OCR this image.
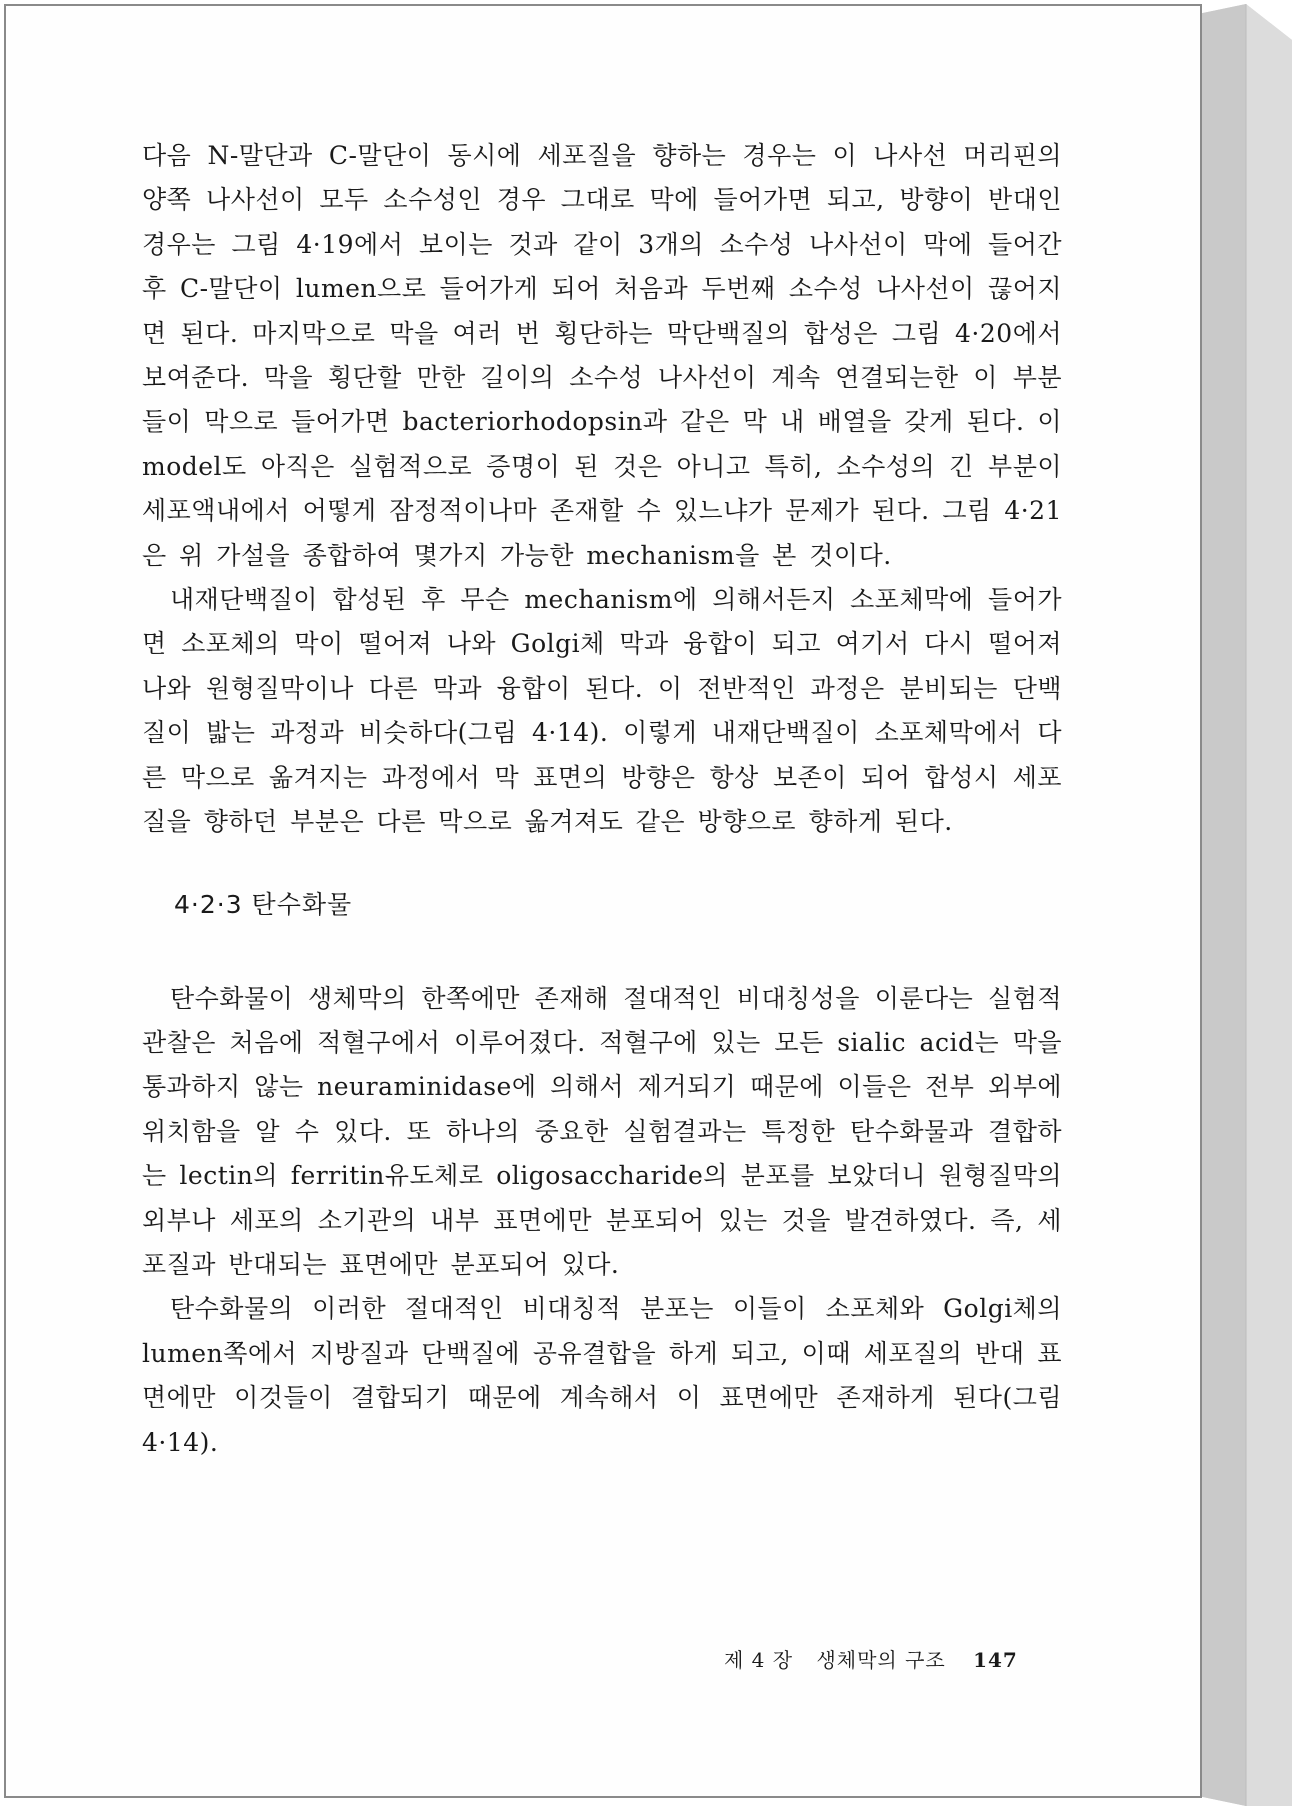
다음 N-말단과 C-말단이 동시에 세포질을 향하는 경우는 이 나사선 머리핀의 양쪽 나사선이 모두 소수성인 경우 그대로 막에 들어가면 되고, 방향이 반대인 경우는 그림 4·19에서 보이는 것과 같이 3개의 소수성 나사선이 막에 들어간 후 C-말단이 lumen으로 들어가게 되어 처음과 두번째 소수성 나사선이 끊어지면 된다. 마지막으로 막을 여러 번 횡단하는 막단백질의 합성은 그림 4·20에서 보여준다. 막을 횡단할 만한 길이의 소수성 나사선이 계속 연결되는한 이 부분들이 막으로 들어가면 bacteriorhodopsin과 같은 막 내 배열을 갖게 된다. 이 model도 아직은 실험적으로 증명이 된 것은 아니고 특히, 소수성의 긴 부분이 세포액내에서 어떻게 잠정적이나마 존재할 수 있느냐가 문제가 된다. 그림 4·21은 위 가설을 종합하여 몇가지 가능한 mechanism을 본 것이다.

내재단백질이 합성된 후 무슨 mechanism에 의해서든지 소포체막에 들어가면 소포체의 막이 떨어져 나와 Golgi체 막과 융합이 되고 여기서 다시 떨어져 나와 원형질막이나 다른 막과 융합이 된다. 이 전반적인 과정은 분비되는 단백질이 밟는 과정과 비슷하다(그림 4·14). 이렇게 내재단백질이 소포체막에서 다른 막으로 옮겨지는 과정에서 막 표면의 방향은 항상 보존이 되어 합성시 세포질을 향하던 부분은 다른 막으로 옮겨져도 같은 방향으로 향하게 된다.

4·2·3 탄수화물

탄수화물이 생체막의 한쪽에만 존재해 절대적인 비대칭성을 이룬다는 실험적 관찰은 처음에 적혈구에서 이루어졌다. 적혈구에 있는 모든 sialic acid는 막을 통과하지 않는 neuraminidase에 의해서 제거되기 때문에 이들은 전부 외부에 위치함을 알 수 있다. 또 하나의 중요한 실험결과는 특정한 탄수화물과 결합하는 lectin의 ferritin유도체로 oligosaccharide의 분포를 보았더니 원형질막의 외부나 세포의 소기관의 내부 표면에만 분포되어 있는 것을 발견하였다. 즉, 세포질과 반대되는 표면에만 분포되어 있다.

탄수화물의 이러한 절대적인 비대칭적 분포는 이들이 소포체와 Golgi체의 lumen쪽에서 지방질과 단백질에 공유결합을 하게 되고, 이때 세포질의 반대 표면에만 이것들이 결합되기 때문에 계속해서 이 표면에만 존재하게 된다(그림 4·14).

제 4 장 생체막의 구조 147
